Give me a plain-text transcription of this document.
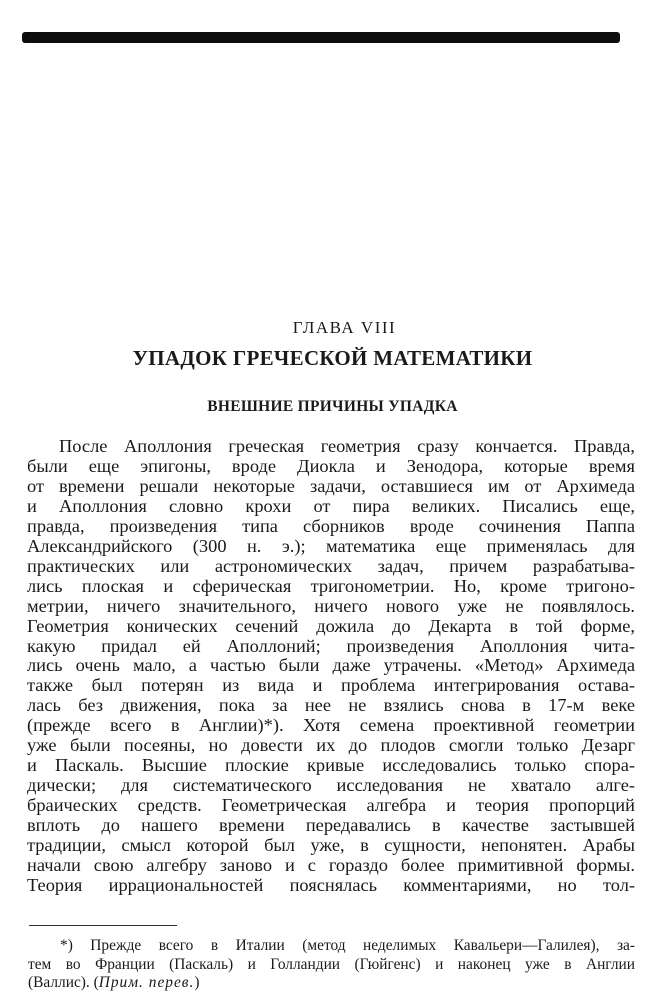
ГЛАВА VIII
УПАДОК ГРЕЧЕСКОЙ МАТЕМАТИКИ
ВНЕШНИЕ ПРИЧИНЫ УПАДКА
После Аполлония греческая геометрия сразу кончается. Правда,
были еще эпигоны, вроде Диокла и Зенодора, которые время
от времени решали некоторые задачи, оставшиеся им от Архимеда
и Аполлония словно крохи от пира великих. Писались еще,
правда, произведения типа сборников вроде сочинения Паппа
Александрийского (300 н. э.); математика еще применялась для
практических или астрономических задач, причем разрабатыва-
лись плоская и сферическая тригонометрии. Но, кроме тригоно-
метрии, ничего значительного, ничего нового уже не появлялось.
Геометрия конических сечений дожила до Декарта в той форме,
какую придал ей Аполлоний; произведения Аполлония чита-
лись очень мало, а частью были даже утрачены. «Метод» Архимеда
также был потерян из вида и проблема интегрирования остава-
лась без движения, пока за нее не взялись снова в 17-м веке
(прежде всего в Англии)*). Хотя семена проективной геометрии
уже были посеяны, но довести их до плодов смогли только Дезарг
и Паскаль. Высшие плоские кривые исследовались только спора-
дически; для систематического исследования не хватало алге-
браических средств. Геометрическая алгебра и теория пропорций
вплоть до нашего времени передавались в качестве застывшей
традиции, смысл которой был уже, в сущности, непонятен. Арабы
начали свою алгебру заново и с гораздо более примитивной формы.
Теория иррациональностей пояснялась комментариями, но тол-
*) Прежде всего в Италии (метод неделимых Кавальери—Галилея), за-
тем во Франции (Паскаль) и Голландии (Гюйгенс) и наконец уже в Англии
(Валлис). (Прим. перев.)
